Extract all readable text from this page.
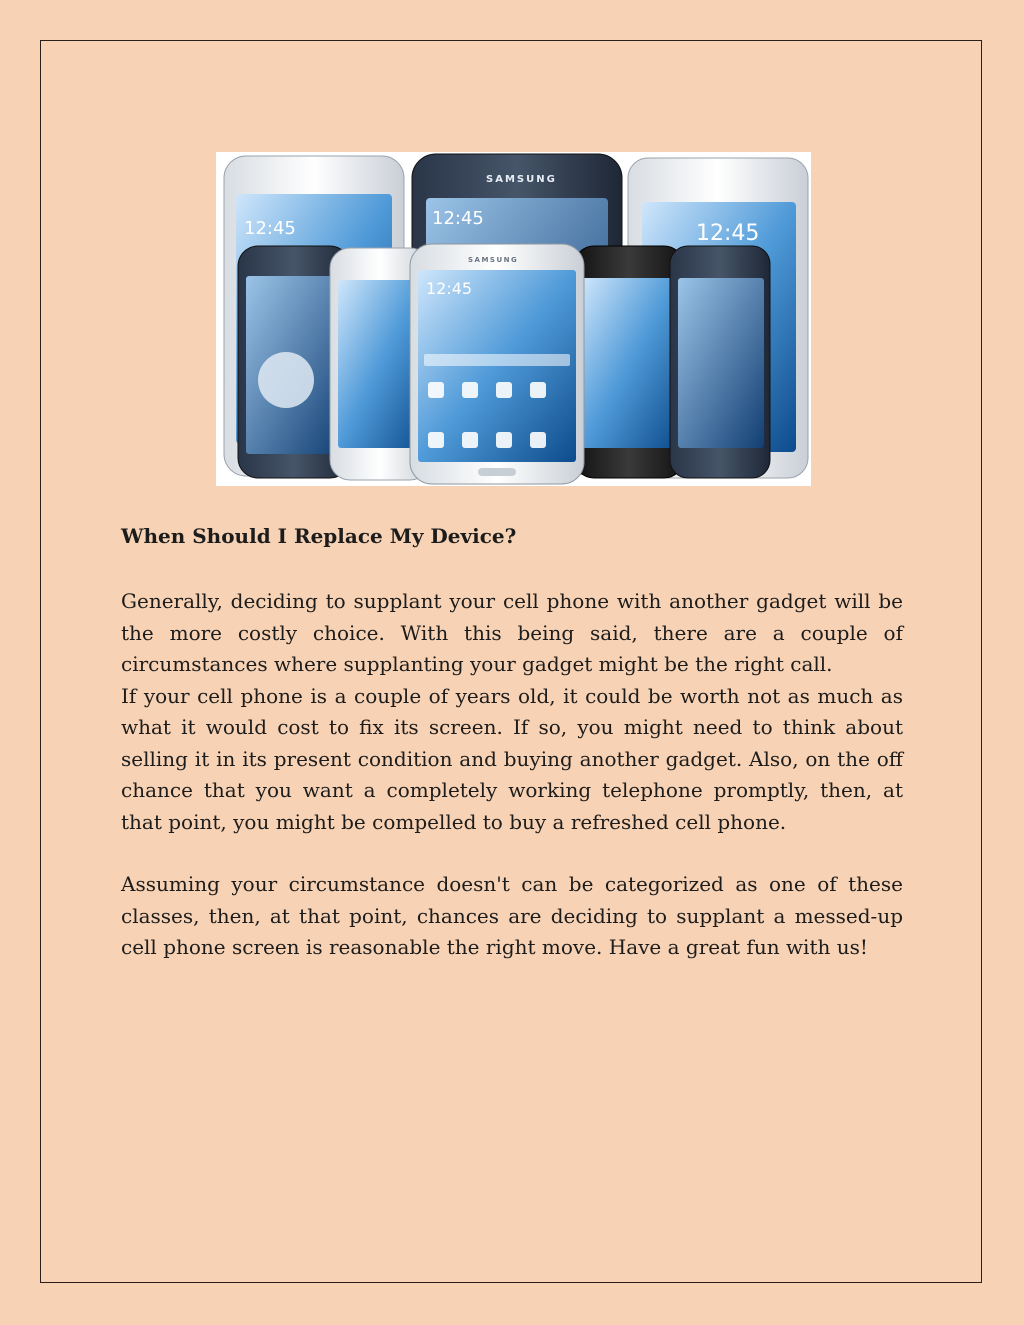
12:45
SAMSUNG
12:45
12:45
SAMSUNG
12:45
When Should I Replace My Device?

Generally, deciding to supplant your cell phone with another gadget will be the more costly choice. With this being said, there are a couple of circumstances where supplanting your gadget might be the right call.

If your cell phone is a couple of years old, it could be worth not as much as what it would cost to fix its screen. If so, you might need to think about selling it in its present condition and buying another gadget. Also, on the off chance that you want a completely working telephone promptly, then, at that point, you might be compelled to buy a refreshed cell phone.

Assuming your circumstance doesn't can be categorized as one of these classes, then, at that point, chances are deciding to supplant a messed-up cell phone screen is reasonable the right move. Have a great fun with us!
